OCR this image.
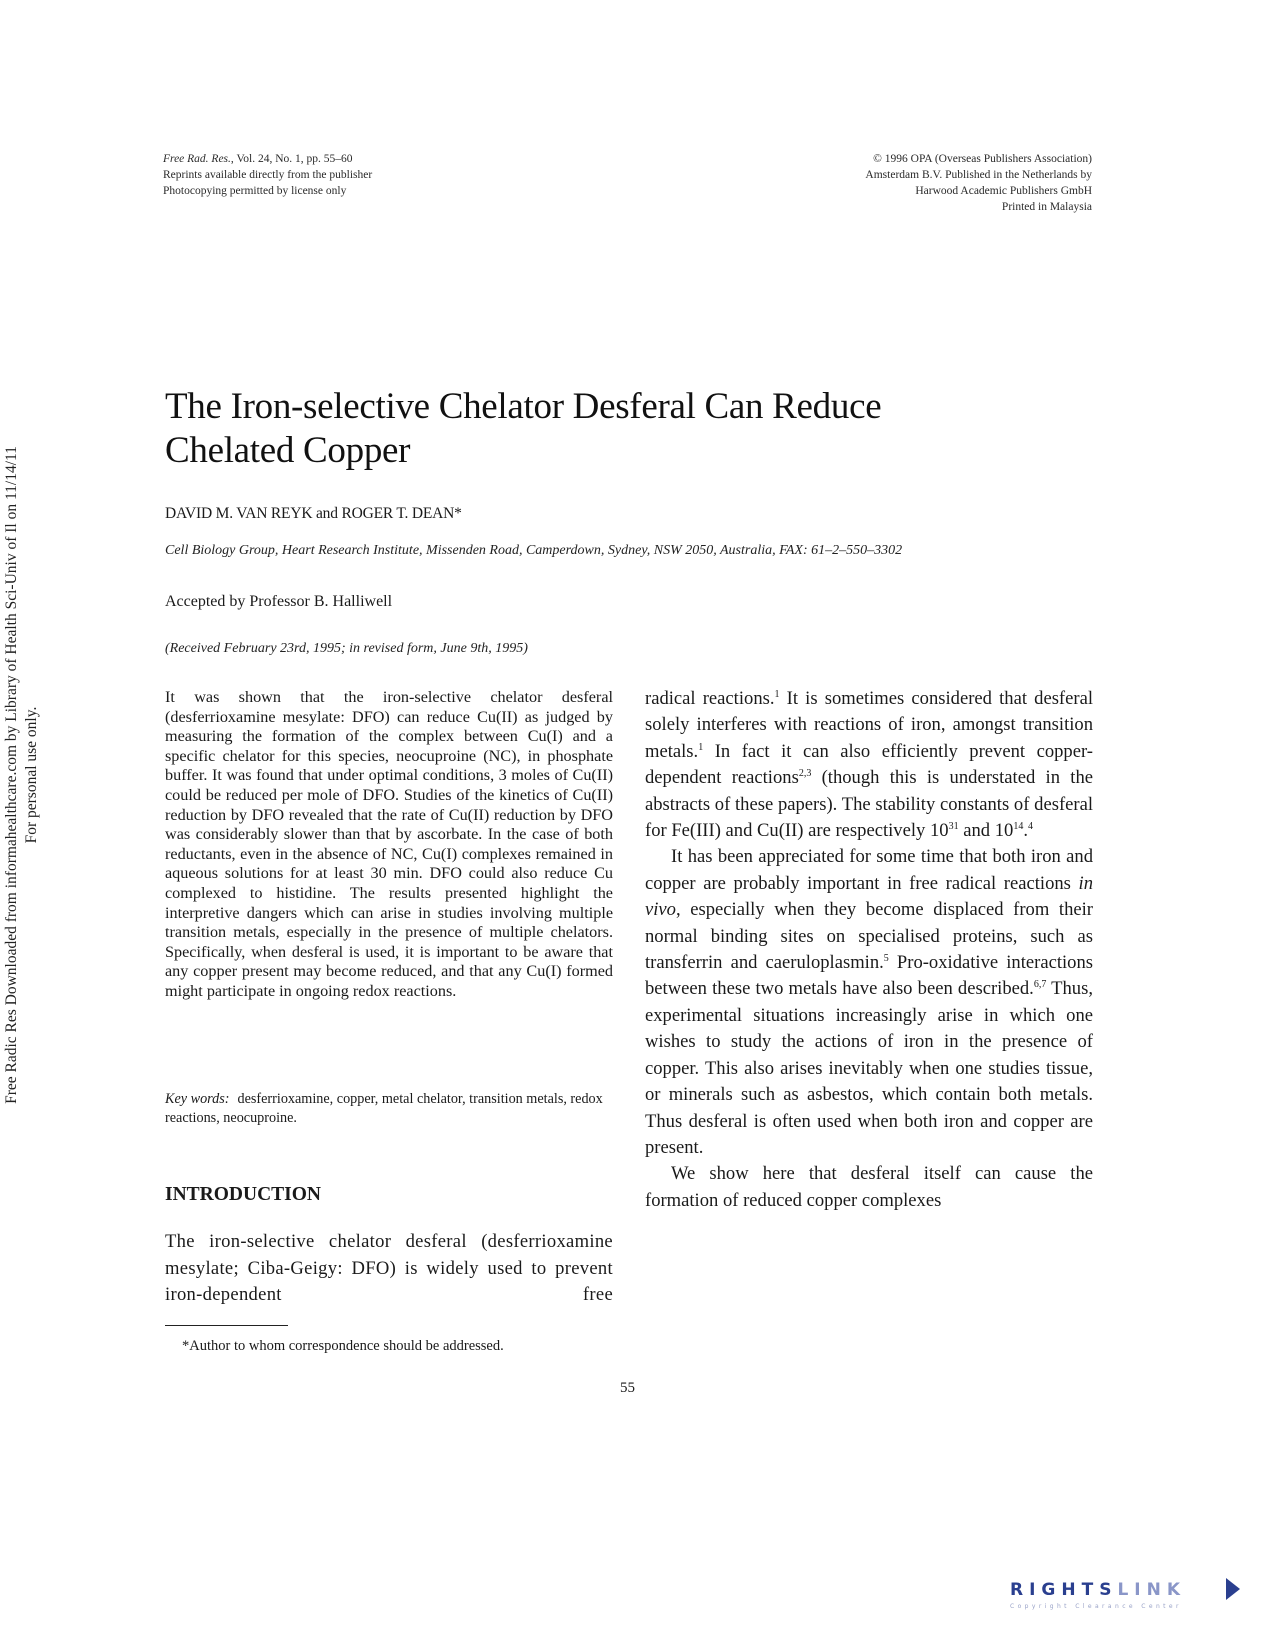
Free Rad. Res., Vol. 24, No. 1, pp. 55–60
Reprints available directly from the publisher
Photocopying permitted by license only
© 1996 OPA (Overseas Publishers Association)
Amsterdam B.V. Published in the Netherlands by
Harwood Academic Publishers GmbH
Printed in Malaysia
Free Radic Res Downloaded from informahealthcare.com by Library of Health Sci-Univ of Il on 11/14/11 For personal use only.
The Iron-selective Chelator Desferal Can Reduce
Chelated Copper
DAVID M. VAN REYK and ROGER T. DEAN*
Cell Biology Group, Heart Research Institute, Missenden Road, Camperdown, Sydney, NSW 2050, Australia, FAX: 61–2–550–3302
Accepted by Professor B. Halliwell
(Received February 23rd, 1995; in revised form, June 9th, 1995)
It was shown that the iron-selective chelator desferal (desferrioxamine mesylate: DFO) can reduce Cu(II) as judged by measuring the formation of the complex between Cu(I) and a specific chelator for this species, neocuproine (NC), in phosphate buffer. It was found that under optimal conditions, 3 moles of Cu(II) could be reduced per mole of DFO. Studies of the kinetics of Cu(II) reduction by DFO revealed that the rate of Cu(II) reduction by DFO was considerably slower than that by ascorbate. In the case of both reductants, even in the absence of NC, Cu(I) complexes remained in aqueous solutions for at least 30 min. DFO could also reduce Cu complexed to histidine. The results presented highlight the interpretive dangers which can arise in studies involving multiple transition metals, especially in the presence of multiple chelators. Specifically, when desferal is used, it is important to be aware that any copper present may become reduced, and that any Cu(I) formed might participate in ongoing redox reactions.
Key words: desferrioxamine, copper, metal chelator, transition metals, redox reactions, neocuproine.
INTRODUCTION
The iron-selective chelator desferal (desferrioxamine mesylate; Ciba-Geigy: DFO) is widely used to prevent iron-dependent free

radical reactions.$^1$ It is sometimes considered that desferal solely interferes with reactions of iron, amongst transition metals.$^1$ In fact it can also efficiently prevent copper-dependent reactions$^{2,3}$ (though this is understated in the abstracts of these papers). The stability constants of desferal for Fe(III) and Cu(II) are respectively $10^{31}$ and $10^{14}.^4$

It has been appreciated for some time that both iron and copper are probably important in free radical reactions in vivo, especially when they become displaced from their normal binding sites on specialised proteins, such as transferrin and caeruloplasmin.$^5$ Pro-oxidative interactions between these two metals have also been described.$^{6,7}$ Thus, experimental situations increasingly arise in which one wishes to study the actions of iron in the presence of copper. This also arises inevitably when one studies tissue, or minerals such as asbestos, which contain both metals. Thus desferal is often used when both iron and copper are present.

We show here that desferal itself can cause the formation of reduced copper complexes

*Author to whom correspondence should be addressed.
55
RIGHTSLINK
Copyright Clearance Center
